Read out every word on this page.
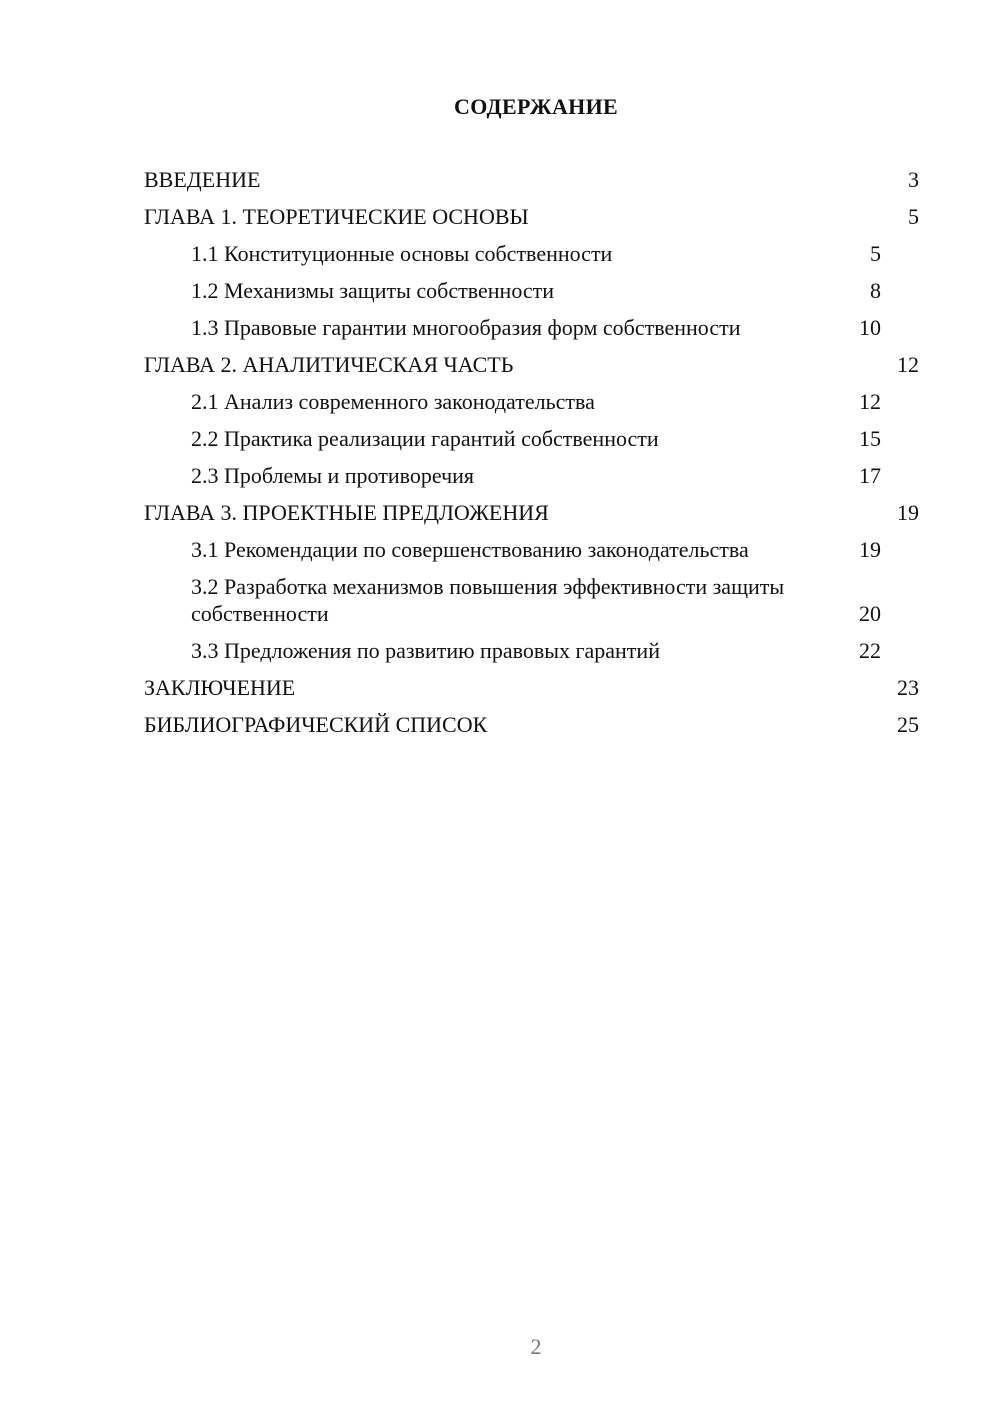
СОДЕРЖАНИЕ
ВВЕДЕНИЕ	3
ГЛАВА 1. ТЕОРЕТИЧЕСКИЕ ОСНОВЫ	5
1.1 Конституционные основы собственности	5
1.2 Механизмы защиты собственности	8
1.3 Правовые гарантии многообразия форм собственности	10
ГЛАВА 2. АНАЛИТИЧЕСКАЯ ЧАСТЬ	12
2.1 Анализ современного законодательства	12
2.2 Практика реализации гарантий собственности	15
2.3 Проблемы и противоречия	17
ГЛАВА 3. ПРОЕКТНЫЕ ПРЕДЛОЖЕНИЯ	19
3.1 Рекомендации по совершенствованию законодательства	19
3.2 Разработка механизмов повышения эффективности защиты собственности	20
3.3 Предложения по развитию правовых гарантий	22
ЗАКЛЮЧЕНИЕ	23
БИБЛИОГРАФИЧЕСКИЙ СПИСОК	25
2
